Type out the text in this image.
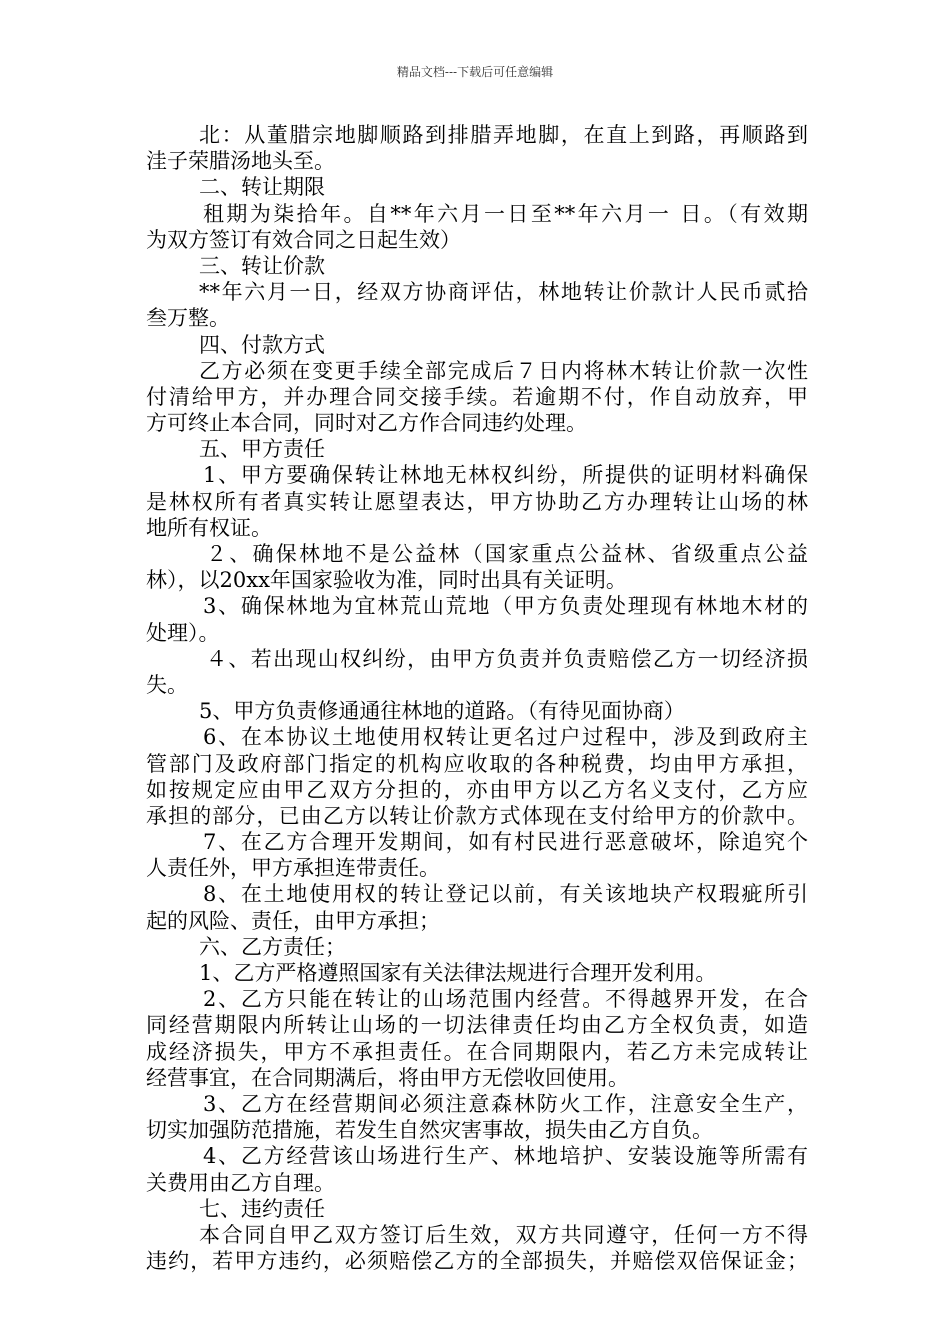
精品文档---下载后可任意编辑
北：从董腊宗地脚顺路到排腊弄地脚，在直上到路，再顺路到
洼子荣腊汤地头至。
二、转让期限
租期为柒拾年。自**年六月一日至**年六月一 日。（有效期
为双方签订有效合同之日起生效）
三、转让价款
**年六月一日，经双方协商评估，林地转让价款计人民币贰拾
叁万整。
四、付款方式
乙方必须在变更手续全部完成后７日内将林木转让价款一次性
付清给甲方，并办理合同交接手续。若逾期不付，作自动放弃，甲
方可终止本合同，同时对乙方作合同违约处理。
五、甲方责任
1、甲方要确保转让林地无林权纠纷，所提供的证明材料确保
是林权所有者真实转让愿望表达，甲方协助乙方办理转让山场的林
地所有权证。
２、确保林地不是公益林（国家重点公益林、省级重点公益
林），以20xx年国家验收为准，同时出具有关证明。
3、确保林地为宜林荒山荒地（甲方负责处理现有林地木材的
处理）。
４、若出现山权纠纷，由甲方负责并负责赔偿乙方一切经济损
失。
5、甲方负责修通通往林地的道路。（有待见面协商）
6、在本协议土地使用权转让更名过户过程中，涉及到政府主
管部门及政府部门指定的机构应收取的各种税费，均由甲方承担，
如按规定应由甲乙双方分担的，亦由甲方以乙方名义支付，乙方应
承担的部分，已由乙方以转让价款方式体现在支付给甲方的价款中。
7、在乙方合理开发期间，如有村民进行恶意破坏，除追究个
人责任外，甲方承担连带责任。
8、在土地使用权的转让登记以前，有关该地块产权瑕疵所引
起的风险、责任，由甲方承担；
六、乙方责任；
1、乙方严格遵照国家有关法律法规进行合理开发利用。
2、乙方只能在转让的山场范围内经营。不得越界开发，在合
同经营期限内所转让山场的一切法律责任均由乙方全权负责，如造
成经济损失，甲方不承担责任。在合同期限内，若乙方未完成转让
经营事宜，在合同期满后，将由甲方无偿收回使用。
3、乙方在经营期间必须注意森林防火工作，注意安全生产，
切实加强防范措施，若发生自然灾害事故，损失由乙方自负。
4、乙方经营该山场进行生产、林地培护、安装设施等所需有
关费用由乙方自理。
七、违约责任
本合同自甲乙双方签订后生效，双方共同遵守，任何一方不得
违约，若甲方违约，必须赔偿乙方的全部损失，并赔偿双倍保证金；
